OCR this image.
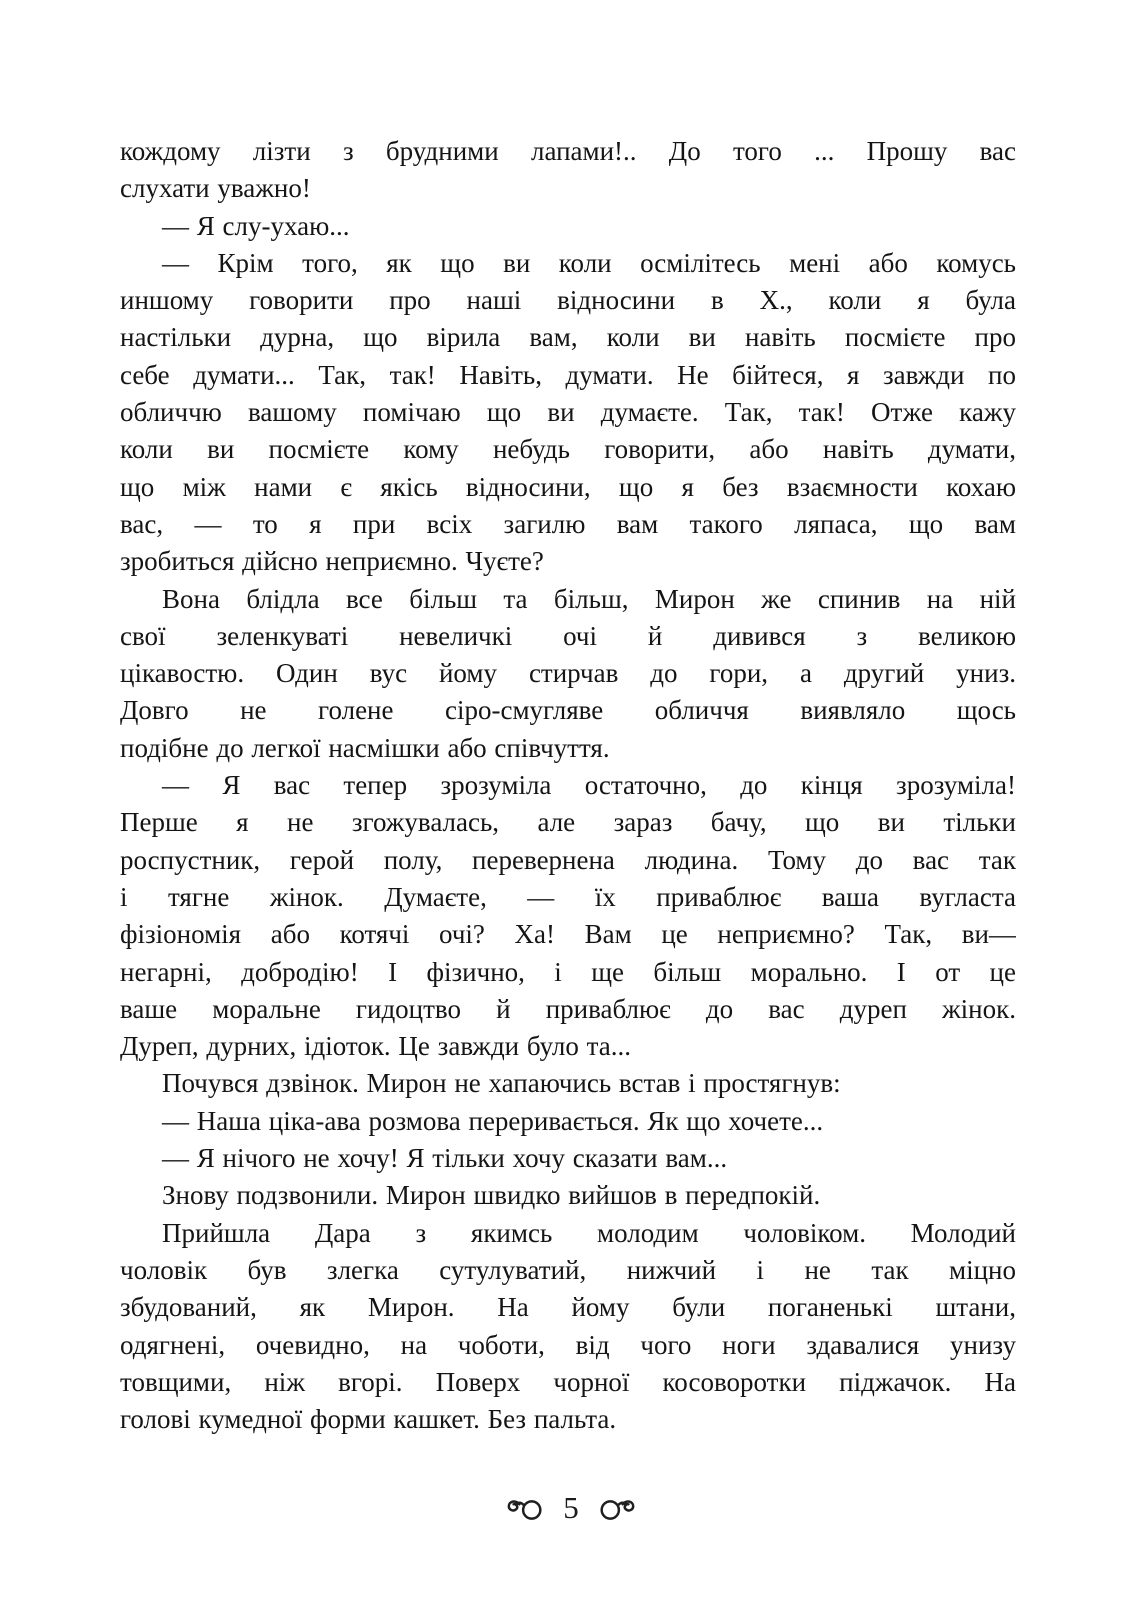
кождому лізти з брудними лапами!.. До того ... Прошу вас
слухати уважно!
— Я слу-ухаю...
— Крім того, як що ви коли осмілітесь мені або комусь
иншому говорити про наші відносини в Х., коли я була
настільки дурна, що вірила вам, коли ви навіть посмієте про
себе думати... Так, так! Навіть, думати. Не бійтеся, я завжди по
обличчю вашому помічаю що ви думаєте. Так, так! Отже кажу
коли ви посмієте кому небудь говорити, або навіть думати,
що між нами є якісь відносини, що я без взаємности кохаю
вас, — то я при всіх загилю вам такого ляпаса, що вам
зробиться дійсно неприємно. Чуєте?
Вона блідла все більш та більш, Мирон же спинив на ній
свої зеленкуваті невеличкі очі й дивився з великою
цікавостю. Один вус йому стирчав до гори, а другий униз.
Довго не голене сіро-смугляве обличчя виявляло щось
подібне до легкої насмішки або співчуття.
— Я вас тепер зрозуміла остаточно, до кінця зрозуміла!
Перше я не згожувалась, але зараз бачу, що ви тільки
роспустник, герой полу, перевернена людина. Тому до вас так
і тягне жінок. Думаєте, — їх приваблює ваша вугласта
фізіономія або котячі очі? Ха! Вам це неприємно? Так, ви—
негарні, добродію! І фізично, і ще більш морально. І от це
ваше моральне гидоцтво й приваблює до вас дуреп жінок.
Дуреп, дурних, ідіоток. Це завжди було та...
Почувся дзвінок. Мирон не хапаючись встав і простягнув:
— Наша ціка-ава розмова переривається. Як що хочете...
— Я нічого не хочу! Я тільки хочу сказати вам...
Знову подзвонили. Мирон швидко вийшов в передпокій.
Прийшла Дара з якимсь молодим чоловіком. Молодий
чоловік був злегка сутулуватий, нижчий і не так міцно
збудований, як Мирон. На йому були поганенькі штани,
одягнені, очевидно, на чоботи, від чого ноги здавалися унизу
товщими, ніж вгорі. Поверх чорної косоворотки піджачок. На
голові кумедної форми кашкет. Без пальта.
5
